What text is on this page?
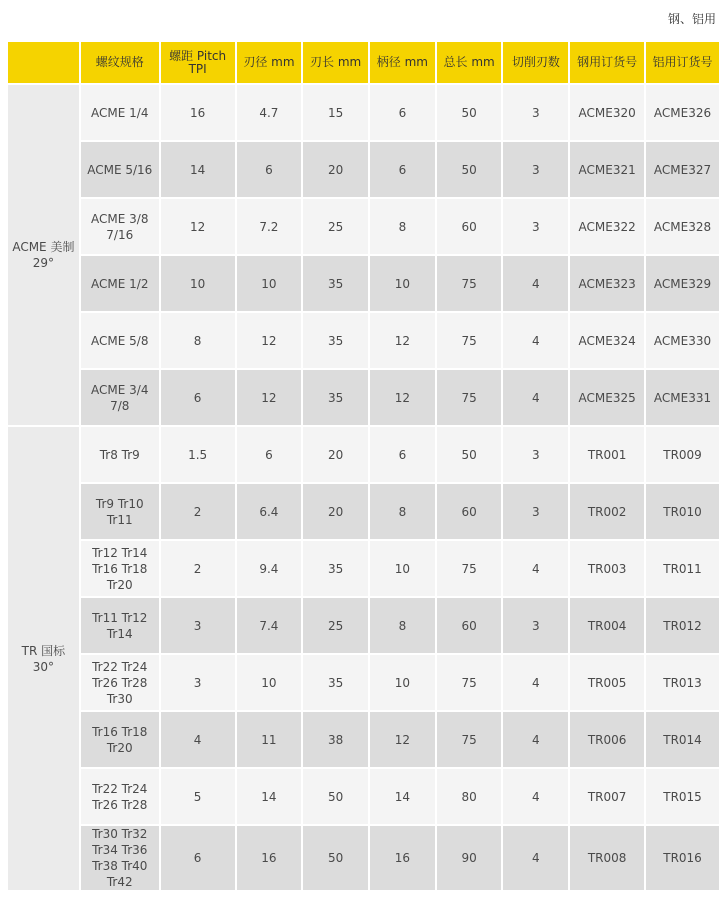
钢、铝用
	螺纹规格	螺距 Pitch TPI	刃径 mm	刃长 mm	柄径 mm	总长 mm	切削刃数	钢用订货号	铝用订货号
ACME 美制 29°	ACME 1/4	16	4.7	15	6	50	3	ACME320	ACME326
	ACME 5/16	14	6	20	6	50	3	ACME321	ACME327
	ACME 3/8 7/16	12	7.2	25	8	60	3	ACME322	ACME328
	ACME 1/2	10	10	35	10	75	4	ACME323	ACME329
	ACME 5/8	8	12	35	12	75	4	ACME324	ACME330
	ACME 3/4 7/8	6	12	35	12	75	4	ACME325	ACME331
TR 国标 30°	Tr8 Tr9	1.5	6	20	6	50	3	TR001	TR009
	Tr9 Tr10 Tr11	2	6.4	20	8	60	3	TR002	TR010
	Tr12 Tr14 Tr16 Tr18 Tr20	2	9.4	35	10	75	4	TR003	TR011
	Tr11 Tr12 Tr14	3	7.4	25	8	60	3	TR004	TR012
	Tr22 Tr24 Tr26 Tr28 Tr30	3	10	35	10	75	4	TR005	TR013
	Tr16 Tr18 Tr20	4	11	38	12	75	4	TR006	TR014
	Tr22 Tr24 Tr26 Tr28	5	14	50	14	80	4	TR007	TR015
	Tr30 Tr32 Tr34 Tr36 Tr38 Tr40 Tr42	6	16	50	16	90	4	TR008	TR016
